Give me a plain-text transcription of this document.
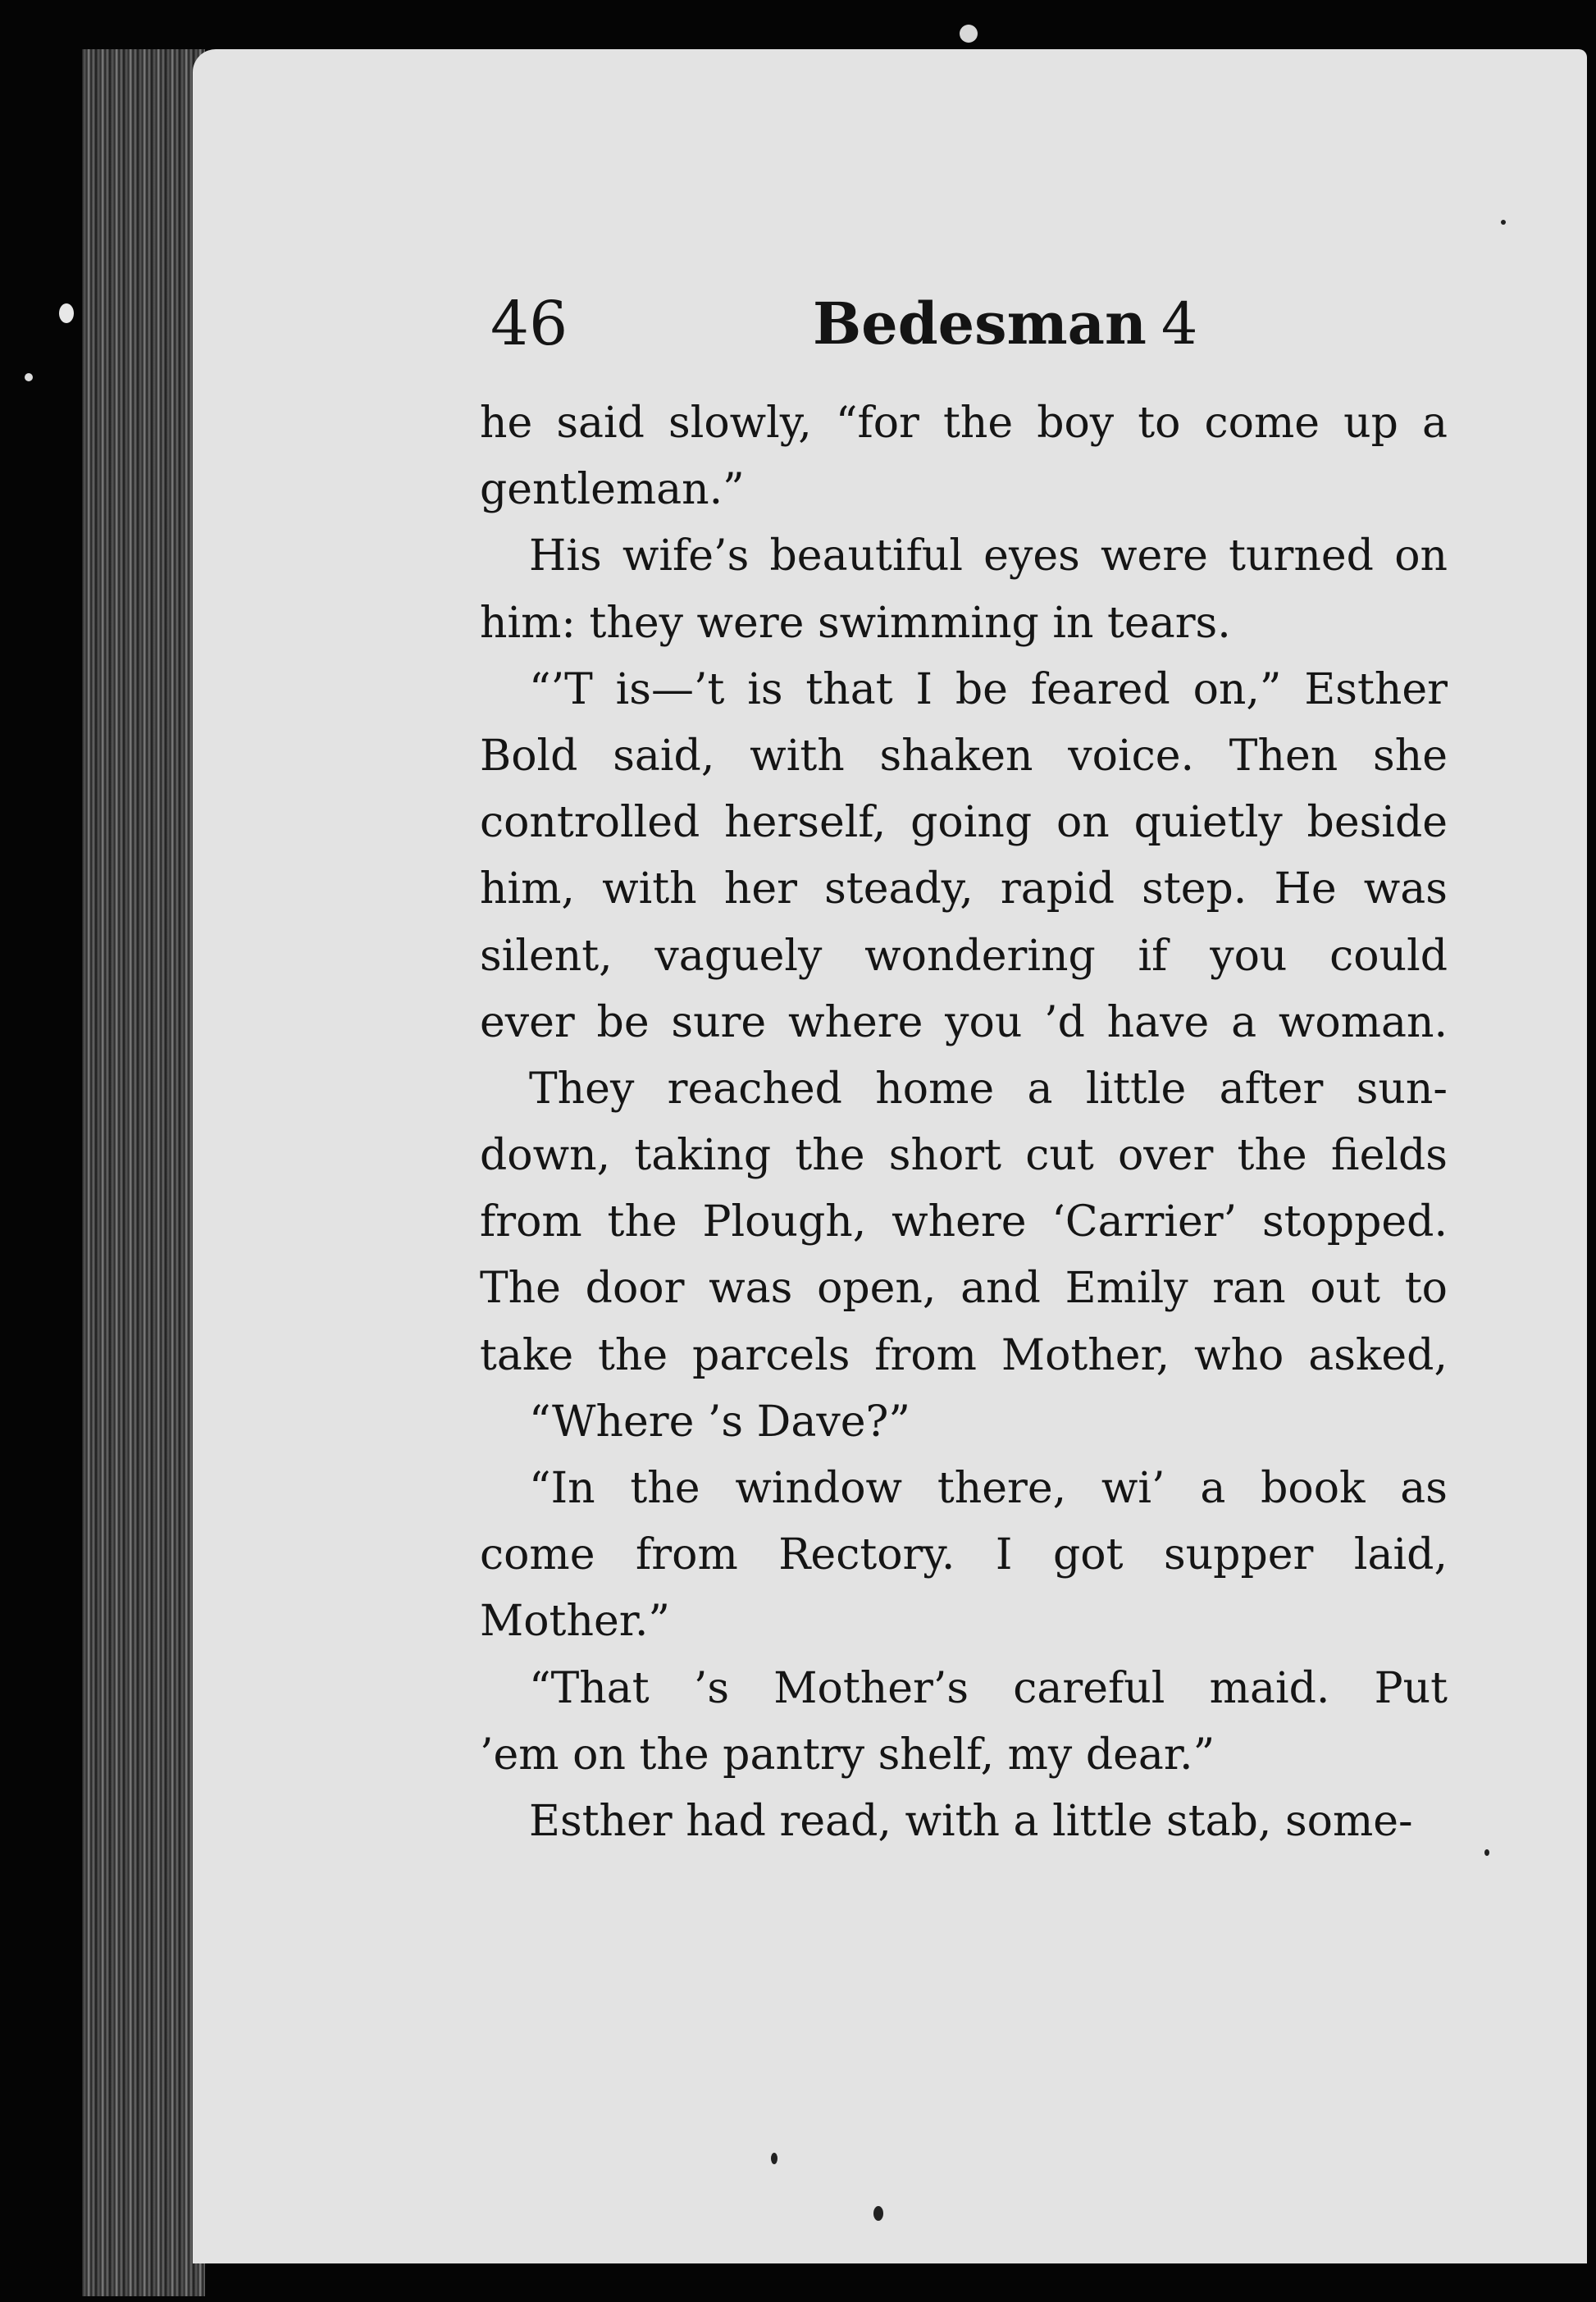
46	Bedesman 4
he said slowly, “for the boy to come up a
gentleman.”
His wife’s beautiful eyes were turned on
him: they were swimming in tears.
“’T is—’t is that I be feared on,” Esther
Bold said, with shaken voice. Then she
controlled herself, going on quietly beside
him, with her steady, rapid step. He was
silent, vaguely wondering if you could
ever be sure where you ’d have a woman.
They reached home a little after sun-
down, taking the short cut over the fields
from the Plough, where ‘Carrier’ stopped.
The door was open, and Emily ran out to
take the parcels from Mother, who asked,
“Where ’s Dave?”
“In the window there, wi’ a book as
come from Rectory. I got supper laid,
Mother.”
“That ’s Mother’s careful maid. Put
’em on the pantry shelf, my dear.”
Esther had read, with a little stab, some-
